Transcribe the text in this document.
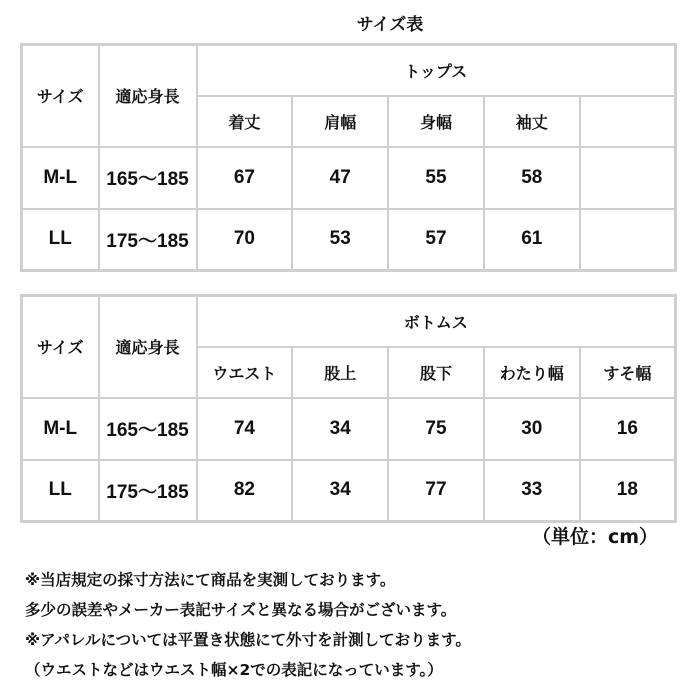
サイズ表
サイズ	適応身長	トップス				
		着丈	肩幅	身幅	袖丈	
M-L	165〜185	67	47	55	58	
LL	175〜185	70	53	57	61	
サイズ	適応身長	ボトムス				
		ウエスト	股上	股下	わたり幅	すそ幅
M-L	165〜185	74	34	75	30	16
LL	175〜185	82	34	77	33	18
（単位：cm）
※当店規定の採寸方法にて商品を実測しております。
多少の誤差やメーカー表記サイズと異なる場合がございます。
※アパレルについては平置き状態にて外寸を計測しております。
（ウエストなどはウエスト幅×2での表記になっています。）
